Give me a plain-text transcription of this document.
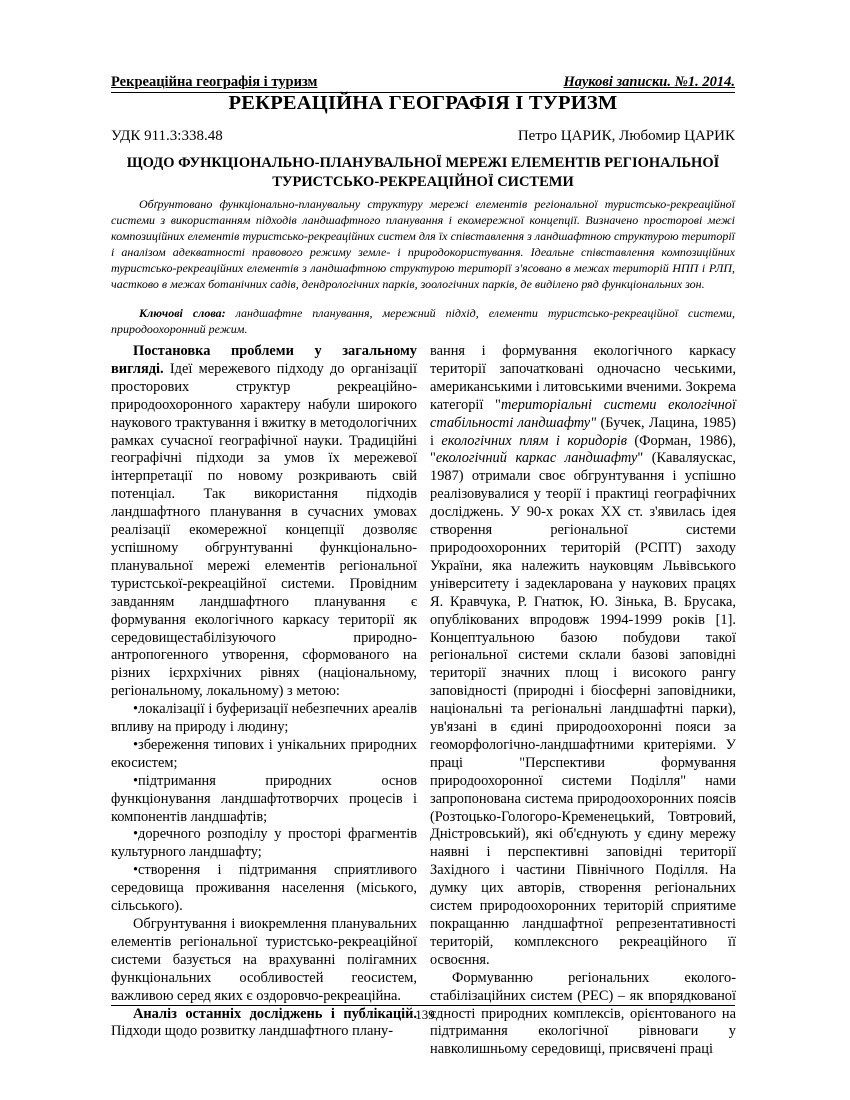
Рекреаційна географія і туризм	Наукові записки. №1. 2014.
РЕКРЕАЦІЙНА ГЕОГРАФІЯ І ТУРИЗМ
УДК 911.3:338.48	Петро ЦАРИК, Любомир ЦАРИК
ЩОДО ФУНКЦІОНАЛЬНО-ПЛАНУВАЛЬНОЇ МЕРЕЖІ ЕЛЕМЕНТІВ РЕГІОНАЛЬНОЇ ТУРИСТСЬКО-РЕКРЕАЦІЙНОЇ СИСТЕМИ

Обґрунтовано функціонально-планувальну структуру мережі елементів регіональної туристсько-рекреаційної системи з використанням підходів ландшафтного планування і екомережної концепції. Визначено просторові межі композиційних елементів туристсько-рекреаційних систем для їх співставлення з ландшафтною структурою території і аналізом адекватності правового режиму земле- і природокористування. Ідеальне співставлення композиційних туристсько-рекреаційних елементів з ландшафтною структурою території з'ясовано в межах територій НПП і РЛП, частково в межах ботанічних садів, дендрологічних парків, зоологічних парків, де виділено ряд функціональних зон.

Ключові слова: ландшафтне планування, мережний підхід, елементи туристсько-рекреаційної системи, природоохоронний режим.

Постановка проблеми у загальному вигляді. Ідеї мережевого підходу до організації просторових структур рекреаційно-природоохоронного характеру набули широкого наукового трактування і вжитку в методологічних рамках сучасної географічної науки. Традиційні географічні підходи за умов їх мережевої інтерпретації по новому розкривають свій потенціал. Так використання підходів ландшафтного планування в сучасних умовах реалізації екомережної концепції дозволяє успішному обгрунтуванні функціонально-планувальної мережі елементів регіональної туристської-рекреаційної системи. Провідним завданням ландшафтного планування є формування екологічного каркасу території як середовищестабілізуючого природно-антропогенного утворення, сформованого на різних ієрхрхічних рівнях (національному, регіональному, локальному) з метою:

•локалізації і буферизації небезпечних ареалів впливу на природу і людину;

•збереження типових і унікальних природних екосистем;

•підтримання природних основ функціонування ландшафтотворчих процесів і компонентів ландшафтів;

•доречного розподілу у просторі фрагментів культурного ландшафту;

•створення і підтримання сприятливого середовища проживання населення (міського, сільського).

Обгрунтування і виокремлення планувальних елементів регіональної туристсько-рекреаційної системи базується на врахуванні полігамних функціональних особливостей геосистем, важливою серед яких є оздоровчо-рекреаційна.

Аналіз останніх досліджень і публікацій. Підходи щодо розвитку ландшафтного плану-

вання і формування екологічного каркасу території започатковані одночасно чеськими, американськими і литовськими вченими. Зокрема категорії "територіальні системи екологічної стабільності ландшафту" (Бучек, Лацина, 1985) і екологічних плям і коридорів (Форман, 1986), "екологічний каркас ландшафту" (Каваляускас, 1987) отримали своє обгрунтування і успішно реалізовувалися у теорії і практиці географічних досліджень. У 90-х роках XX ст. з'явилась ідея створення регіональної системи природоохоронних територій (РСПТ) заходу України, яка належить науковцям Львівського університету і задекларована у наукових працях Я. Кравчука, Р. Гнатюк, Ю. Зінька, В. Брусака, опублікованих впродовж 1994-1999 років [1]. Концептуальною базою побудови такої регіональної системи склали базові заповідні території значних площ і високого рангу заповідності (природні і біосферні заповідники, національні та регіональні ландшафтні парки), ув'язані в єдині природоохоронні пояси за геоморфологічно-ландшафтними критеріями. У праці "Перспективи формування природоохоронної системи Поділля" нами запропонована система природоохоронних поясів (Розтоцько-Гологоро-Кременецький, Товтровий, Дністровський), які об'єднують у єдину мережу наявні і перспективні заповідні території Західного і частини Північного Поділля. На думку цих авторів, створення регіональних систем природоохоронних територій сприятиме покращанню ландшафтної репрезентативності територій, комплексного рекреаційного її освоєння.

Формуванню регіональних еколого-стабілізаційних систем (РЕС) – як впорядкованої єдності природних комплексів, орієнтованого на підтримання екологічної рівноваги у навколишньому середовищі, присвячені праці

139
